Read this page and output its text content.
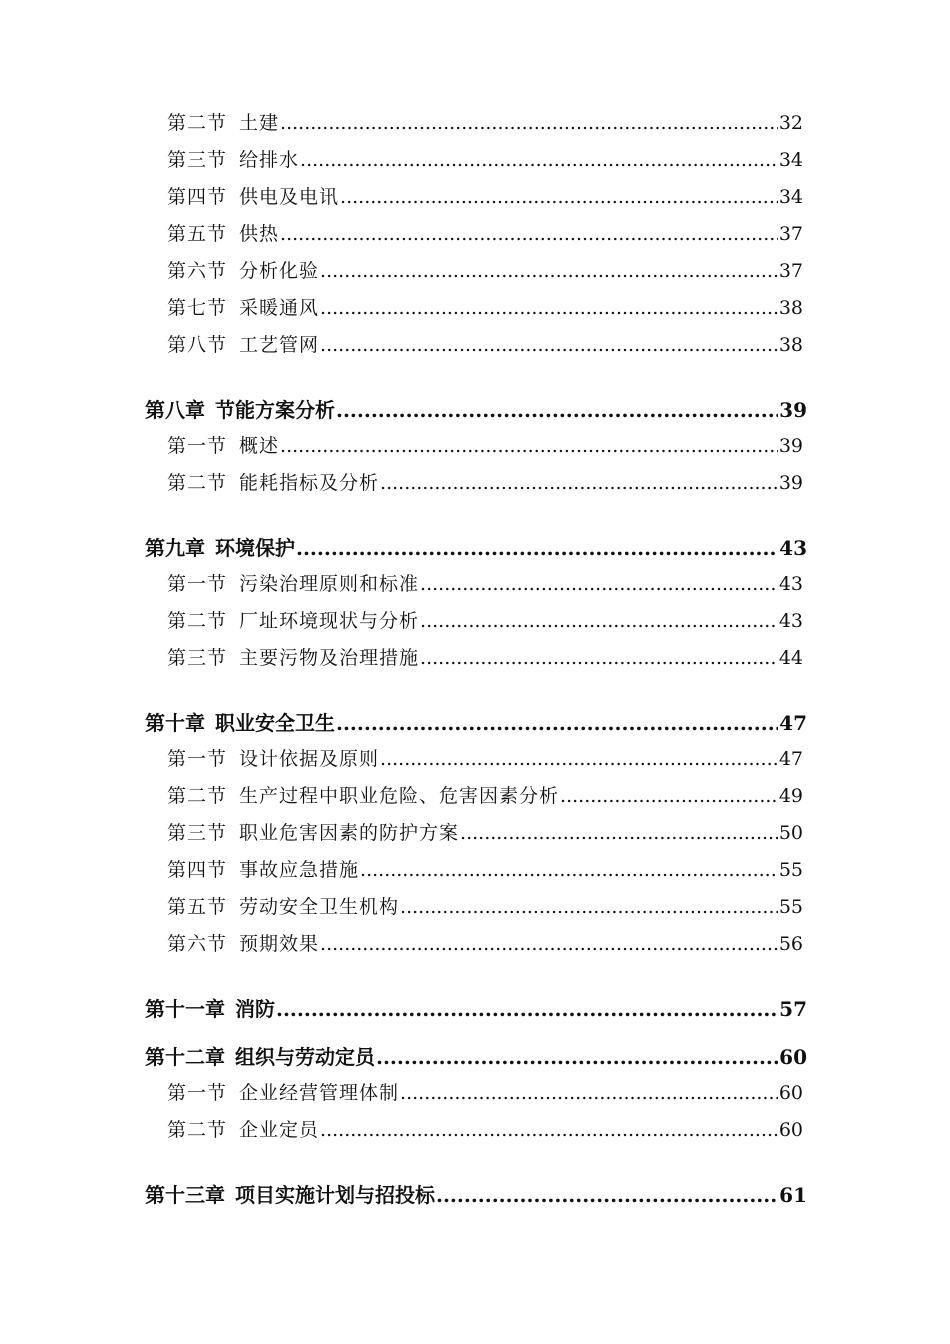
第二节 土建 .....	32
第三节 给排水 .....	34
第四节 供电及电讯 .....	34
第五节 供热 .....	37
第六节 分析化验 .....	37
第七节 采暖通风 .....	38
第八节 工艺管网 .....	38
第八章 节能方案分析 .....	39
第一节 概述 .....	39
第二节 能耗指标及分析 .....	39
第九章 环境保护 .....	43
第一节 污染治理原则和标准 .....	43
第二节 厂址环境现状与分析 .....	43
第三节 主要污物及治理措施 .....	44
第十章 职业安全卫生 .....	47
第一节 设计依据及原则 .....	47
第二节 生产过程中职业危险、危害因素分析 .....	49
第三节 职业危害因素的防护方案 .....	50
第四节 事故应急措施 .....	55
第五节 劳动安全卫生机构 .....	55
第六节 预期效果 .....	56
第十一章 消防 .....	57
第十二章 组织与劳动定员 .....	60
第一节 企业经营管理体制 .....	60
第二节 企业定员 .....	60
第十三章 项目实施计划与招投标 .....	61
